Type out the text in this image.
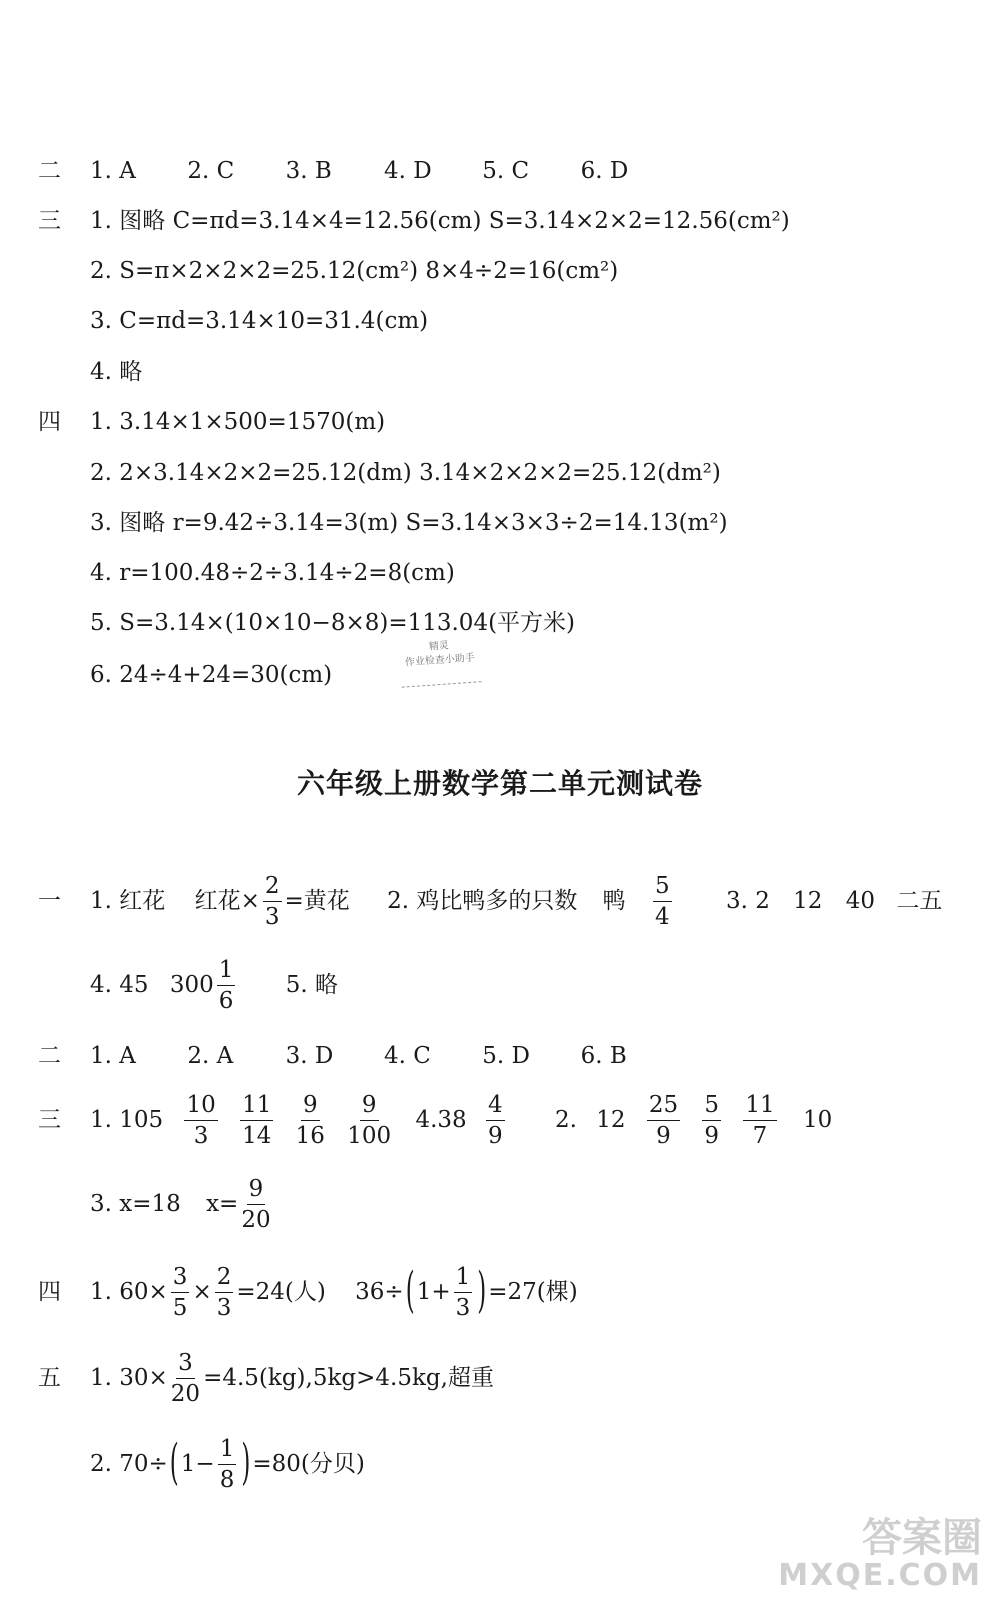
二 1. A 2. C 3. B 4. D 5. C 6. D
三 1. 图略 C=πd=3.14×4=12.56(cm) S=3.14×2×2=12.56(cm²)
2. S=π×2×2×2=25.12(cm²) 8×4÷2=16(cm²)
3. C=πd=3.14×10=31.4(cm)
4. 略
四 1. 3.14×1×500=1570(m)
2. 2×3.14×2×2=25.12(dm) 3.14×2×2×2=25.12(dm²)
3. 图略 r=9.42÷3.14=3(m) S=3.14×3×3÷2=14.13(m²)
4. r=100.48÷2÷3.14÷2=8(cm)
5. S=3.14×(10×10−8×8)=113.04(平方米)
6. 24÷4+24=30(cm)
精灵
作业检查小助手
六年级上册数学第二单元测试卷
一 1. 红花 红花× $\frac{2}{3}$ =黄花 2. 鸡比鸭多的只数 鸭 $\frac{5}{4} 3$. 2 12 40 二五
4. 45 $300 \frac{1}{6} 5$. 略
二 1. A 2. A 3. D 4. C 5. D 6. B
三 1. $105 \frac{10}{3}$
$\frac{11}{14}$
$\frac{9}{16}$
$\frac{9}{100} 4.38 \frac{4}{9} 2$. $12 \frac{25}{9}$
$\frac{5}{9}$
$\frac{11}{7} 10$
3. x=18 $x= \frac{9}{20}$
四 1. $60\times \frac{3}{5} \times \frac{2}{3} =24$(人) $36\div(1+ \frac{1}{3} )=27$(棵)
五 1. $30\times \frac{3}{20} =4.5(kg),5kg>4.5kg$,超重
2. $70\div(1- \frac{1}{8} )=80$(分贝)
答案圈
MXQE.COM
